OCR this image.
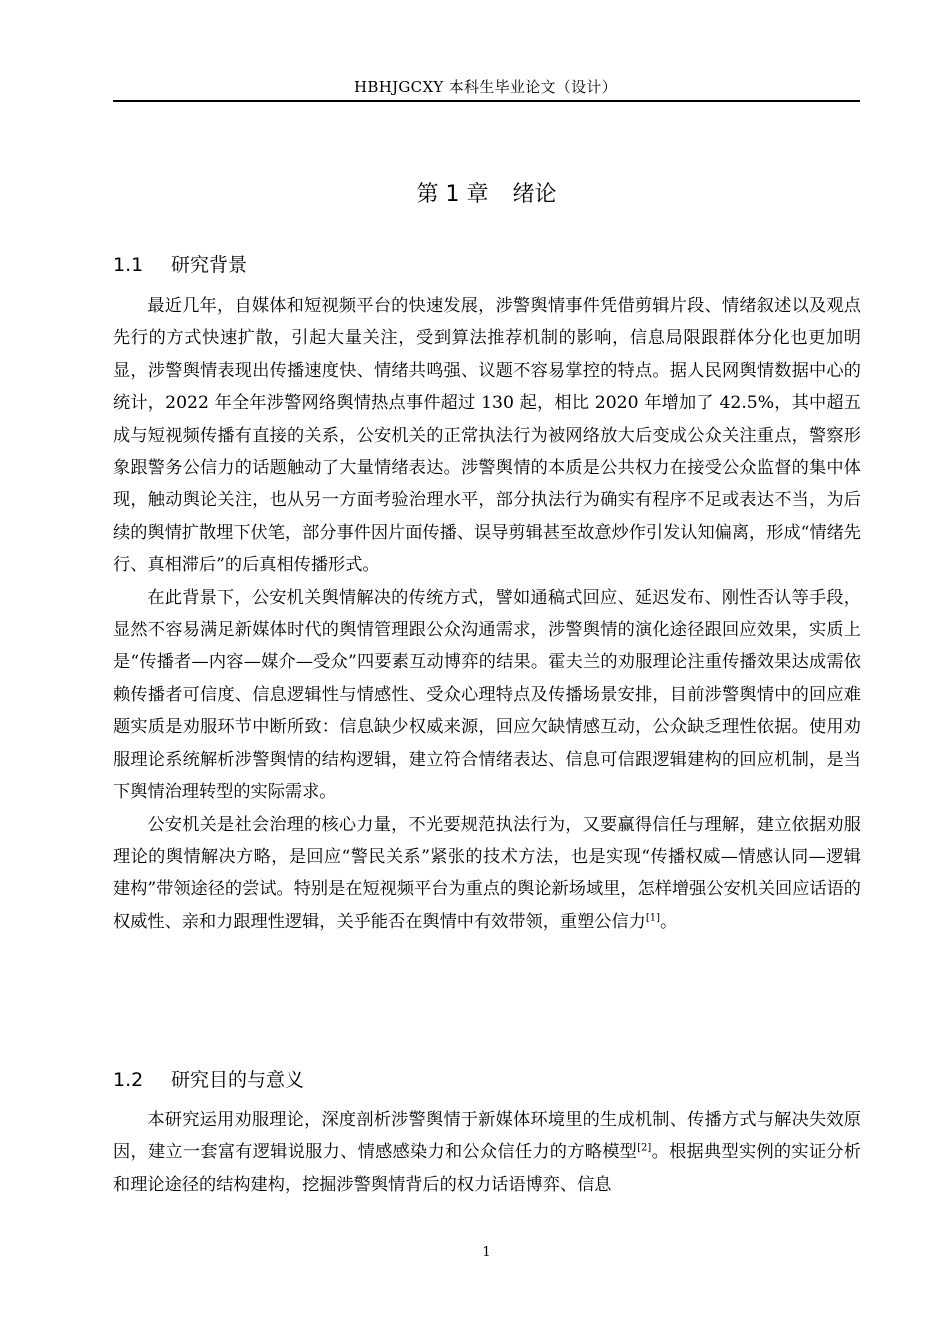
HBHJGCXY 本科生毕业论文（设计）
第 1 章 绪论
1.1 研究背景

最近几年，自媒体和短视频平台的快速发展，涉警舆情事件凭借剪辑片段、情绪叙述以及观点先行的方式快速扩散，引起大量关注，受到算法推荐机制的影响，信息局限跟群体分化也更加明显，涉警舆情表现出传播速度快、情绪共鸣强、议题不容易掌控的特点。据人民网舆情数据中心的统计，2022 年全年涉警网络舆情热点事件超过 130 起，相比 2020 年增加了 42.5%，其中超五成与短视频传播有直接的关系，公安机关的正常执法行为被网络放大后变成公众关注重点，警察形象跟警务公信力的话题触动了大量情绪表达。涉警舆情的本质是公共权力在接受公众监督的集中体现，触动舆论关注，也从另一方面考验治理水平，部分执法行为确实有程序不足或表达不当，为后续的舆情扩散埋下伏笔，部分事件因片面传播、误导剪辑甚至故意炒作引发认知偏离，形成“情绪先行、真相滞后”的后真相传播形式。

在此背景下，公安机关舆情解决的传统方式，譬如通稿式回应、延迟发布、刚性否认等手段，显然不容易满足新媒体时代的舆情管理跟公众沟通需求，涉警舆情的演化途径跟回应效果，实质上是“传播者—内容—媒介—受众”四要素互动博弈的结果。霍夫兰的劝服理论注重传播效果达成需依赖传播者可信度、信息逻辑性与情感性、受众心理特点及传播场景安排，目前涉警舆情中的回应难题实质是劝服环节中断所致：信息缺少权威来源，回应欠缺情感互动，公众缺乏理性依据。使用劝服理论系统解析涉警舆情的结构逻辑，建立符合情绪表达、信息可信跟逻辑建构的回应机制，是当下舆情治理转型的实际需求。

公安机关是社会治理的核心力量，不光要规范执法行为，又要赢得信任与理解，建立依据劝服理论的舆情解决方略，是回应“警民关系”紧张的技术方法，也是实现“传播权威—情感认同—逻辑建构”带领途径的尝试。特别是在短视频平台为重点的舆论新场域里，怎样增强公安机关回应话语的权威性、亲和力跟理性逻辑，关乎能否在舆情中有效带领，重塑公信力[1]。

1.2 研究目的与意义

本研究运用劝服理论，深度剖析涉警舆情于新媒体环境里的生成机制、传播方式与解决失效原因，建立一套富有逻辑说服力、情感感染力和公众信任力的方略模型[2]。根据典型实例的实证分析和理论途径的结构建构，挖掘涉警舆情背后的权力话语博弈、信息

1
